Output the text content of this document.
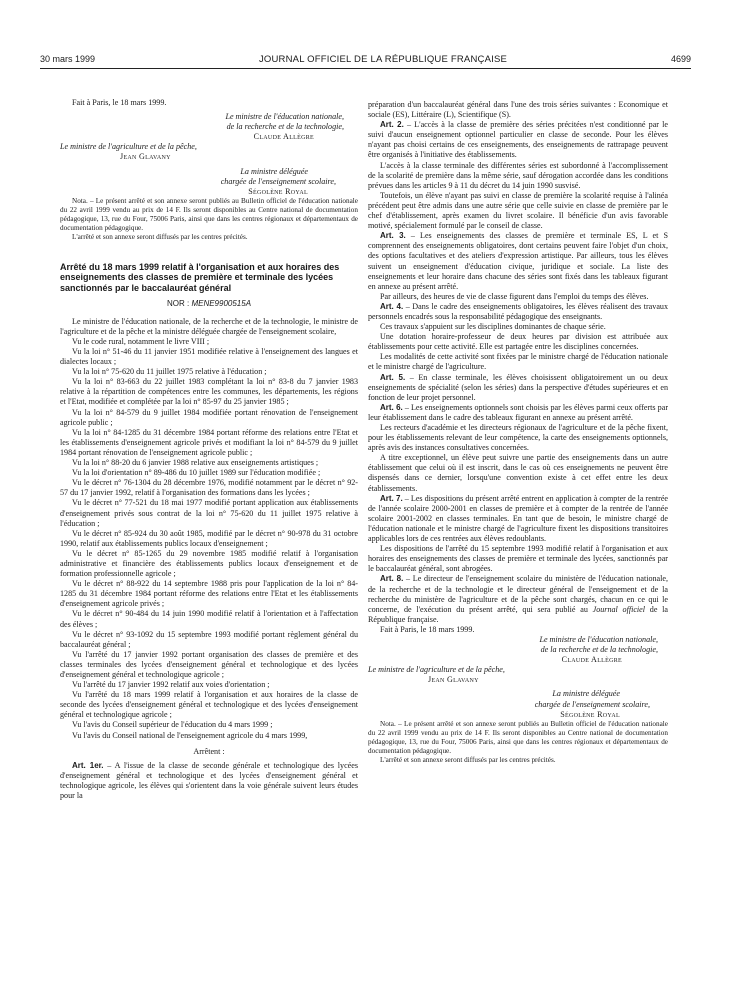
30 mars 1999	JOURNAL OFFICIEL DE LA RÉPUBLIQUE FRANÇAISE	4699

Fait à Paris, le 18 mars 1999.

Le ministre de l'éducation nationale,
de la recherche et de la technologie,
Claude Allègre
Le ministre de l'agriculture et de la pêche,
Jean Glavany
La ministre déléguée
chargée de l'enseignement scolaire,
Ségolène Royal

Nota. – Le présent arrêté et son annexe seront publiés au Bulletin officiel de l'éducation nationale du 22 avril 1999 vendu au prix de 14 F. Ils seront disponibles au Centre national de documentation pédagogique, 13, rue du Four, 75006 Paris, ainsi que dans les centres régionaux et départementaux de documentation pédagogique.

L'arrêté et son annexe seront diffusés par les centres précités.

Arrêté du 18 mars 1999 relatif à l'organisation et aux horaires des enseignements des classes de première et terminale des lycées sanctionnés par le baccalauréat général
NOR : MENE9900515A

Le ministre de l'éducation nationale, de la recherche et de la technologie, le ministre de l'agriculture et de la pêche et la ministre déléguée chargée de l'enseignement scolaire,

Vu le code rural, notamment le livre VIII ;

Vu la loi n° 51-46 du 11 janvier 1951 modifiée relative à l'enseignement des langues et dialectes locaux ;

Vu la loi n° 75-620 du 11 juillet 1975 relative à l'éducation ;

Vu la loi n° 83-663 du 22 juillet 1983 complétant la loi n° 83-8 du 7 janvier 1983 relative à la répartition de compétences entre les communes, les départements, les régions et l'Etat, modifiée et complétée par la loi n° 85-97 du 25 janvier 1985 ;

Vu la loi n° 84-579 du 9 juillet 1984 modifiée portant rénovation de l'enseignement agricole public ;

Vu la loi n° 84-1285 du 31 décembre 1984 portant réforme des relations entre l'Etat et les établissements d'enseignement agricole privés et modifiant la loi n° 84-579 du 9 juillet 1984 portant rénovation de l'enseignement agricole public ;

Vu la loi n° 88-20 du 6 janvier 1988 relative aux enseignements artistiques ;

Vu la loi d'orientation n° 89-486 du 10 juillet 1989 sur l'éducation modifiée ;

Vu le décret n° 76-1304 du 28 décembre 1976, modifié notamment par le décret n° 92-57 du 17 janvier 1992, relatif à l'organisation des formations dans les lycées ;

Vu le décret n° 77-521 du 18 mai 1977 modifié portant application aux établissements d'enseignement privés sous contrat de la loi n° 75-620 du 11 juillet 1975 relative à l'éducation ;

Vu le décret n° 85-924 du 30 août 1985, modifié par le décret n° 90-978 du 31 octobre 1990, relatif aux établissements publics locaux d'enseignement ;

Vu le décret n° 85-1265 du 29 novembre 1985 modifié relatif à l'organisation administrative et financière des établissements publics locaux d'enseignement et de formation professionnelle agricole ;

Vu le décret n° 88-922 du 14 septembre 1988 pris pour l'application de la loi n° 84-1285 du 31 décembre 1984 portant réforme des relations entre l'Etat et les établissements d'enseignement agricole privés ;

Vu le décret n° 90-484 du 14 juin 1990 modifié relatif à l'orientation et à l'affectation des élèves ;

Vu le décret n° 93-1092 du 15 septembre 1993 modifié portant règlement général du baccalauréat général ;

Vu l'arrêté du 17 janvier 1992 portant organisation des classes de première et des classes terminales des lycées d'enseignement général et technologique et des lycées d'enseignement général et technologique agricole ;

Vu l'arrêté du 17 janvier 1992 relatif aux voies d'orientation ;

Vu l'arrêté du 18 mars 1999 relatif à l'organisation et aux horaires de la classe de seconde des lycées d'enseignement général et technologique et des lycées d'enseignement général et technologique agricole ;

Vu l'avis du Conseil supérieur de l'éducation du 4 mars 1999 ;

Vu l'avis du Conseil national de l'enseignement agricole du 4 mars 1999,

Arrêtent :

Art. 1er. – A l'issue de la classe de seconde générale et technologique des lycées d'enseignement général et technologique et des lycées d'enseignement général et technologique agricole, les élèves qui s'orientent dans la voie générale suivent leurs études pour la

préparation d'un baccalauréat général dans l'une des trois séries suivantes : Economique et sociale (ES), Littéraire (L), Scientifique (S).

Art. 2. – L'accès à la classe de première des séries précitées n'est conditionné par le suivi d'aucun enseignement optionnel particulier en classe de seconde. Pour les élèves n'ayant pas choisi certains de ces enseignements, des enseignements de rattrapage peuvent être organisés à l'initiative des établissements.

L'accès à la classe terminale des différentes séries est subordonné à l'accomplissement de la scolarité de première dans la même série, sauf dérogation accordée dans les conditions prévues dans les articles 9 à 11 du décret du 14 juin 1990 susvisé.

Toutefois, un élève n'ayant pas suivi en classe de première la scolarité requise à l'alinéa précédent peut être admis dans une autre série que celle suivie en classe de première par le chef d'établissement, après examen du livret scolaire. Il bénéficie d'un avis favorable motivé, spécialement formulé par le conseil de classe.

Art. 3. – Les enseignements des classes de première et terminale ES, L et S comprennent des enseignements obligatoires, dont certains peuvent faire l'objet d'un choix, des options facultatives et des ateliers d'expression artistique. Par ailleurs, tous les élèves suivent un enseignement d'éducation civique, juridique et sociale. La liste des enseignements et leur horaire dans chacune des séries sont fixés dans les tableaux figurant en annexe au présent arrêté.

Par ailleurs, des heures de vie de classe figurent dans l'emploi du temps des élèves.

Art. 4. – Dans le cadre des enseignements obligatoires, les élèves réalisent des travaux personnels encadrés sous la responsabilité pédagogique des enseignants.

Ces travaux s'appuient sur les disciplines dominantes de chaque série.

Une dotation horaire-professeur de deux heures par division est attribuée aux établissements pour cette activité. Elle est partagée entre les disciplines concernées.

Les modalités de cette activité sont fixées par le ministre chargé de l'éducation nationale et le ministre chargé de l'agriculture.

Art. 5. – En classe terminale, les élèves choisissent obligatoirement un ou deux enseignements de spécialité (selon les séries) dans la perspective d'études supérieures et en fonction de leur projet personnel.

Art. 6. – Les enseignements optionnels sont choisis par les élèves parmi ceux offerts par leur établissement dans le cadre des tableaux figurant en annexe au présent arrêté.

Les recteurs d'académie et les directeurs régionaux de l'agriculture et de la pêche fixent, pour les établissements relevant de leur compétence, la carte des enseignements optionnels, après avis des instances consultatives concernées.

A titre exceptionnel, un élève peut suivre une partie des enseignements dans un autre établissement que celui où il est inscrit, dans le cas où ces enseignements ne peuvent être dispensés dans ce dernier, lorsqu'une convention existe à cet effet entre les deux établissements.

Art. 7. – Les dispositions du présent arrêté entrent en application à compter de la rentrée de l'année scolaire 2000-2001 en classes de première et à compter de la rentrée de l'année scolaire 2001-2002 en classes terminales. En tant que de besoin, le ministre chargé de l'éducation nationale et le ministre chargé de l'agriculture fixent les dispositions transitoires applicables lors de ces rentrées aux élèves redoublants.

Les dispositions de l'arrêté du 15 septembre 1993 modifié relatif à l'organisation et aux horaires des enseignements des classes de première et terminale des lycées, sanctionnés par le baccalauréat général, sont abrogées.

Art. 8. – Le directeur de l'enseignement scolaire du ministère de l'éducation nationale, de la recherche et de la technologie et le directeur général de l'enseignement et de la recherche du ministère de l'agriculture et de la pêche sont chargés, chacun en ce qui le concerne, de l'exécution du présent arrêté, qui sera publié au Journal officiel de la République française.

Fait à Paris, le 18 mars 1999.

Le ministre de l'éducation nationale,
de la recherche et de la technologie,
Claude Allègre
Le ministre de l'agriculture et de la pêche,
Jean Glavany
La ministre déléguée
chargée de l'enseignement scolaire,
Ségolène Royal

Nota. – Le présent arrêté et son annexe seront publiés au Bulletin officiel de l'éducation nationale du 22 avril 1999 vendu au prix de 14 F. Ils seront disponibles au Centre national de documentation pédagogique, 13, rue du Four, 75006 Paris, ainsi que dans les centres régionaux et départementaux de documentation pédagogique.

L'arrêté et son annexe seront diffusés par les centres précités.
